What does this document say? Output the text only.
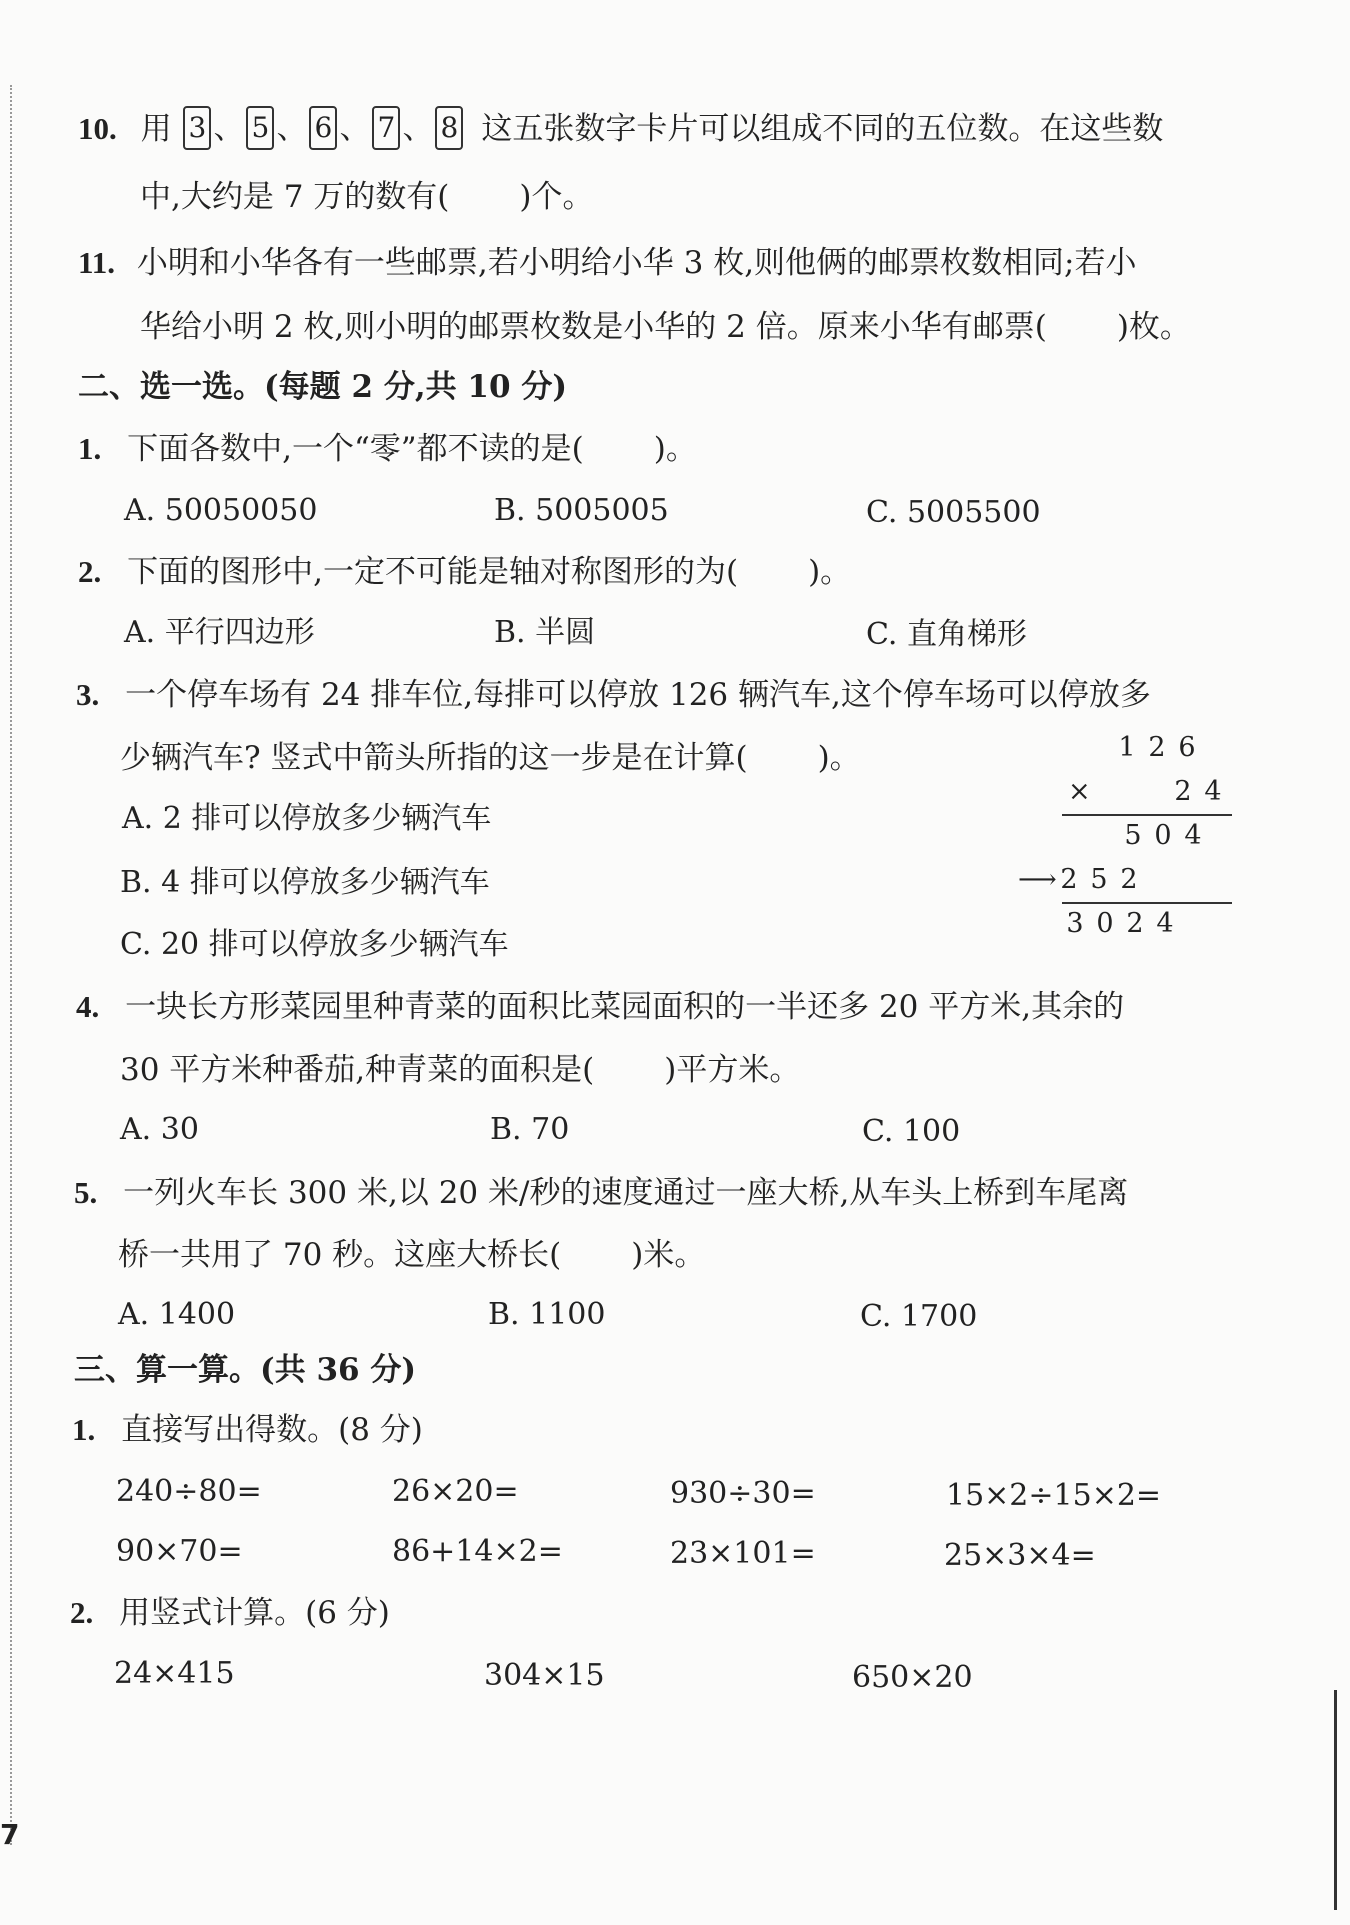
7
10. 用 3 、 5 、 6 、 7 、 8 这五张数字卡片可以组成不同的五位数。在这些数
中,大约是 7 万的数有( )个。
11. 小明和小华各有一些邮票,若小明给小华 3 枚,则他俩的邮票枚数相同;若小
华给小明 2 枚,则小明的邮票枚数是小华的 2 倍。原来小华有邮票( )枚。
二、选一选。(每题 2 分,共 10 分)
1. 下面各数中,一个“零”都不读的是( )。
A. 50050050	B. 5005005	C. 5005500
2. 下面的图形中,一定不可能是轴对称图形的为( )。
A. 平行四边形	B. 半圆	C. 直角梯形
3. 一个停车场有 24 排车位,每排可以停放 126 辆汽车,这个停车场可以停放多
少辆汽车? 竖式中箭头所指的这一步是在计算( )。
A. 2 排可以停放多少辆汽车
B. 4 排可以停放多少辆汽车
C. 20 排可以停放多少辆汽车
1 2 6
×	2 4
5 0 4
⟶ 2 5 2
3 0 2 4
4. 一块长方形菜园里种青菜的面积比菜园面积的一半还多 20 平方米,其余的
30 平方米种番茄,种青菜的面积是( )平方米。
A. 30	B. 70	C. 100
5. 一列火车长 300 米,以 20 米/秒的速度通过一座大桥,从车头上桥到车尾离
桥一共用了 70 秒。这座大桥长( )米。
A. 1400	B. 1100	C. 1700
三、算一算。(共 36 分)
1. 直接写出得数。(8 分)
240÷80=	26×20=	930÷30=	15×2÷15×2=
90×70=	86+14×2=	23×101=	25×3×4=
2. 用竖式计算。(6 分)
24×415	304×15	650×20
